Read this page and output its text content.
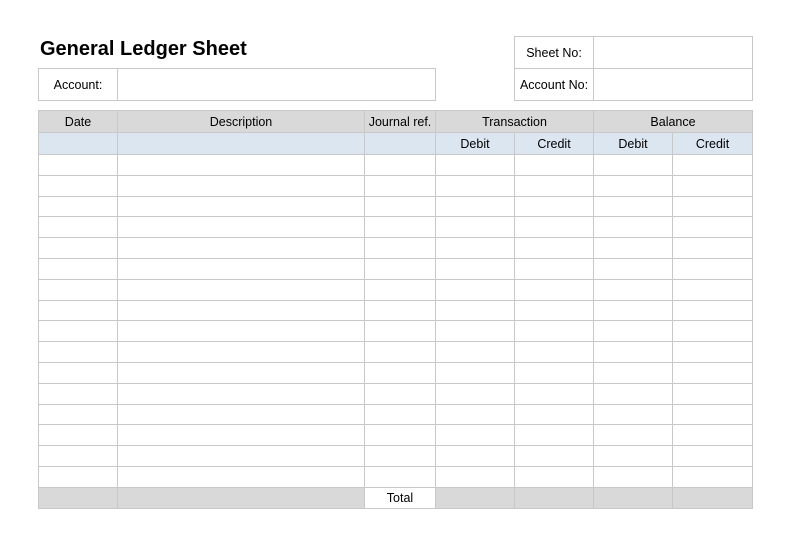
General Ledger Sheet
Account:	
Sheet No:	
Account No:	
Date	Description	Journal ref.	Transaction		Balance	
			Debit	Credit	Debit	Credit

		Total				
